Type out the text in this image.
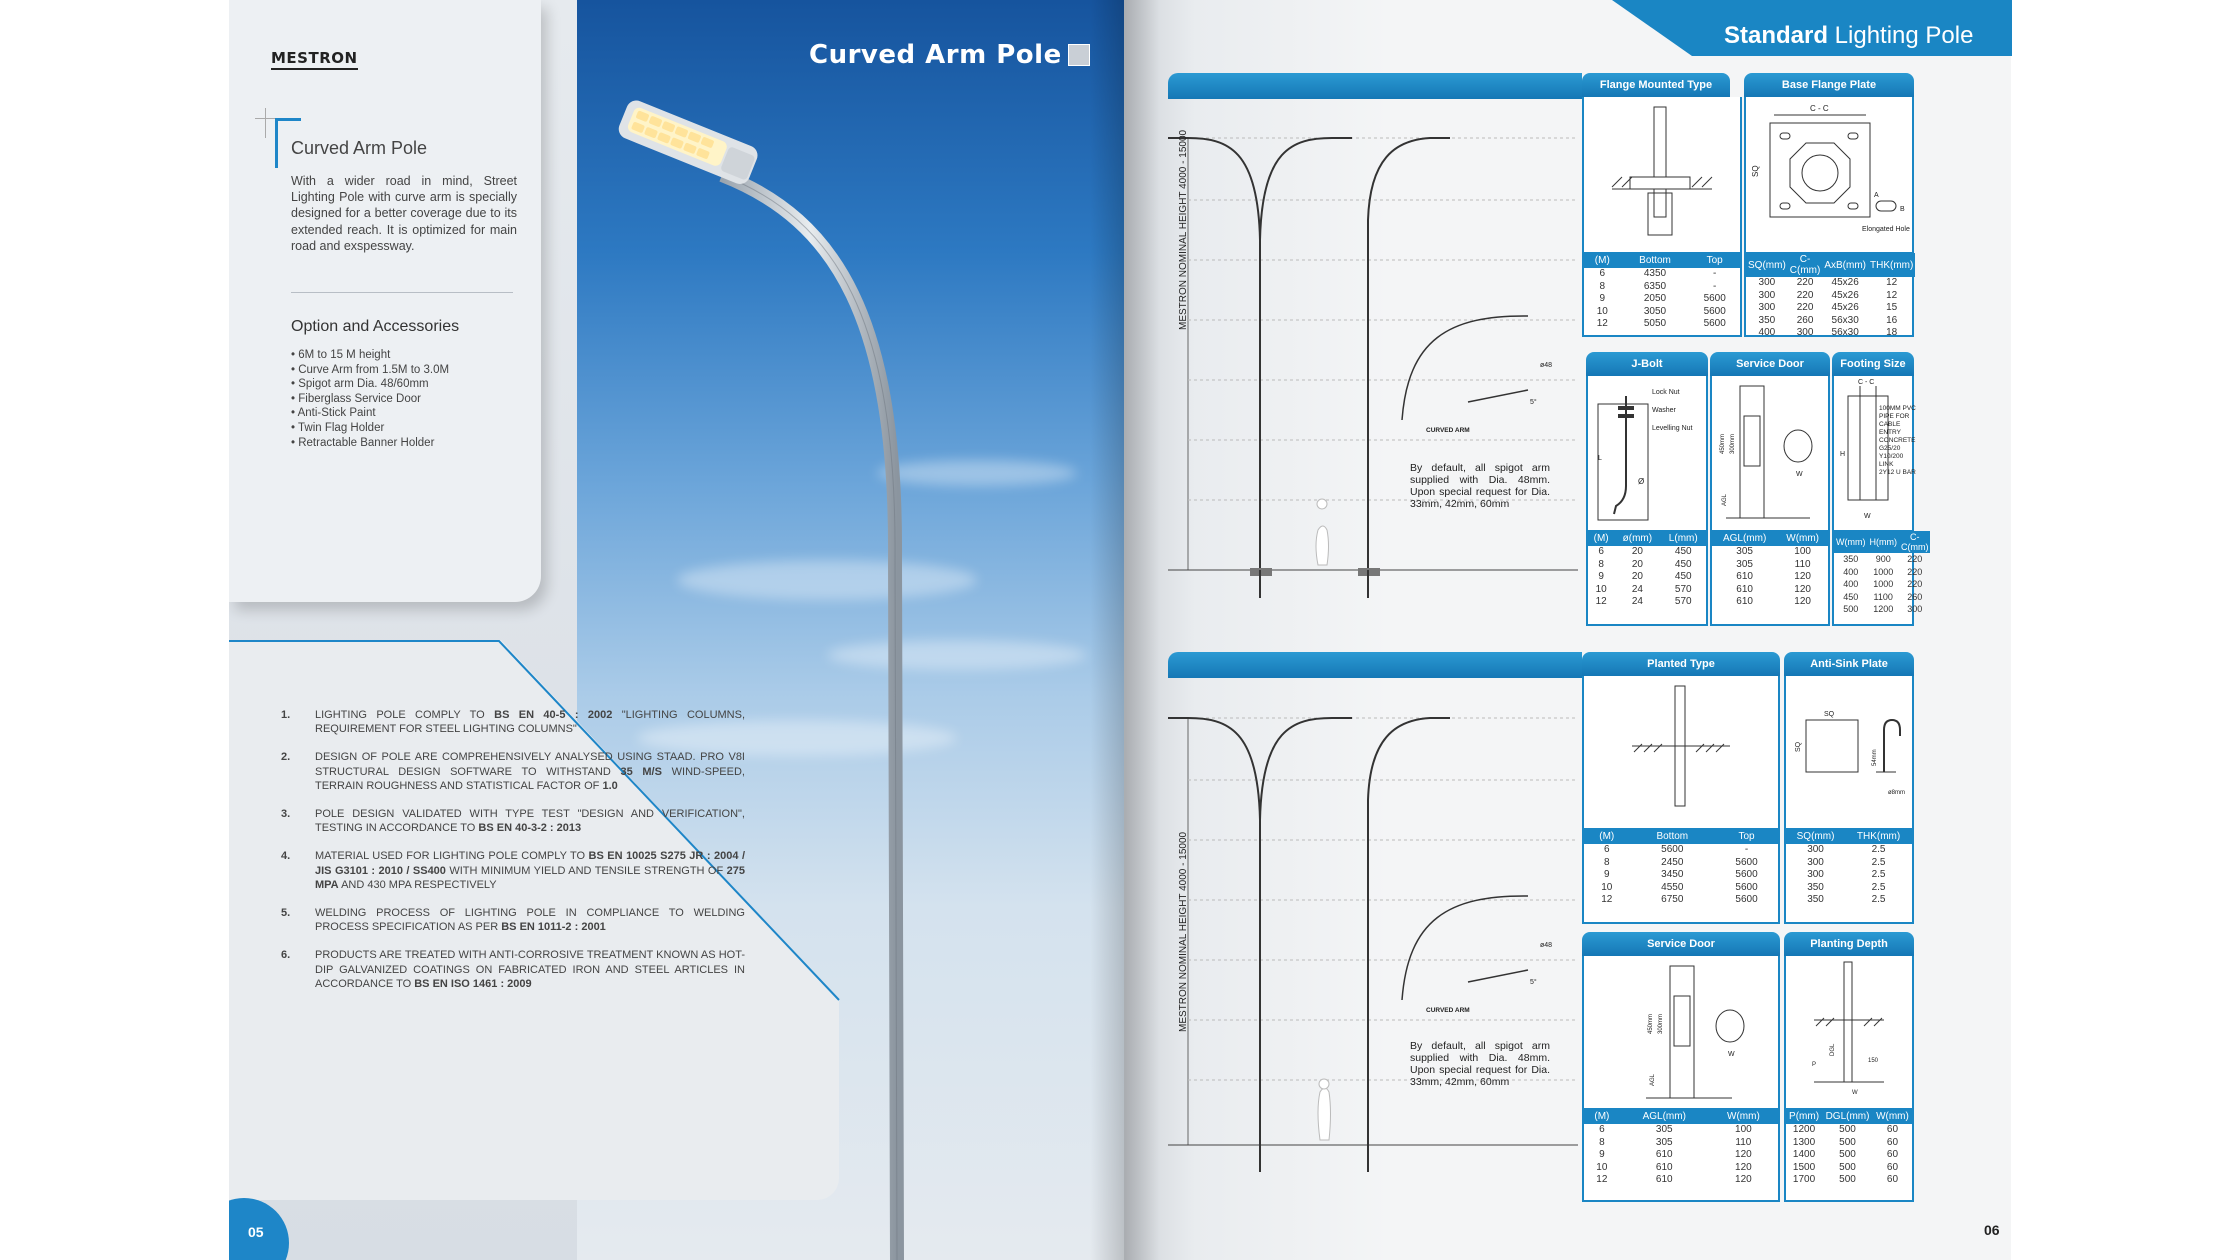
MESTRON
Curved Arm Pole
With a wider road in mind, Street Lighting Pole with curve arm is specially designed for a better coverage due to its extended reach. It is optimized for main road and exspessway.
Option and Accessories
• 6M to 15 M height
• Curve Arm from 1.5M to 3.0M
• Spigot arm Dia. 48/60mm
• Fiberglass Service Door
• Anti-Stick Paint
• Twin Flag Holder
• Retractable Banner Holder
1.	LIGHTING POLE COMPLY TO BS EN 40-5 : 2002 "LIGHTING COLUMNS, REQUIREMENT FOR STEEL LIGHTING COLUMNS"
2.	DESIGN OF POLE ARE COMPREHENSIVELY ANALYSED USING STAAD. PRO V8I STRUCTURAL DESIGN SOFTWARE TO WITHSTAND 35 M/S WIND-SPEED, TERRAIN ROUGHNESS AND STATISTICAL FACTOR OF 1.0
3.	POLE DESIGN VALIDATED WITH TYPE TEST "DESIGN AND VERIFICATION", TESTING IN ACCORDANCE TO BS EN 40-3-2 : 2013
4.	MATERIAL USED FOR LIGHTING POLE COMPLY TO BS EN 10025 S275 JR : 2004 / JIS G3101 : 2010 / SS400 WITH MINIMUM YIELD AND TENSILE STRENGTH OF 275 MPA AND 430 MPA RESPECTIVELY
5.	WELDING PROCESS OF LIGHTING POLE IN COMPLIANCE TO WELDING PROCESS SPECIFICATION AS PER BS EN 1011-2 : 2001
6.	PRODUCTS ARE TREATED WITH ANTI-CORROSIVE TREATMENT KNOWN AS HOT-DIP GALVANIZED COATINGS ON FABRICATED IRON AND STEEL ARTICLES IN ACCORDANCE TO BS EN ISO 1461 : 2009
Curved Arm Pole
05
Standard Lighting Pole
Flange Mounted Type	Base Flange Plate
CURVED ARM
ø48
5°
MESTRON NOMINAL HEIGHT 4000 - 15000
By default, all spigot arm supplied with Dia. 48mm. Upon special request for Dia. 33mm, 42mm, 60mm
C - C
SQ
A
B
Elongated Hole
(M)	Bottom	Top
6	4350	-
8	6350	-
9	2050	5600
10	3050	5600
12	5050	5600
SQ(mm)	C-C(mm)	AxB(mm)	THK(mm)
300	220	45x26	12
300	220	45x26	12
300	220	45x26	15
350	260	56x30	16
400	300	56x30	18
J-Bolt	Service Door	Footing Size
Lock Nut
Washer
Levelling Nut
L
Ø
450mm 300mm
AGL
W
C - C
H
W
100MM PVC PIPE FOR CABLE ENTRY
CONCRETE G25/20
Y10/200 LINK
2Y12 U BAR
(M)	ø(mm)	L(mm)
6	20	450
8	20	450
9	20	450
10	24	570
12	24	570
AGL(mm)	W(mm)
305	100
305	110
610	120
610	120
610	120
W(mm)	H(mm)	C-C(mm)
350	900	220
400	1000	220
400	1000	220
450	1100	260
500	1200	300
Planted Type	Anti-Sink Plate
CURVED ARM
ø48
5°
MESTRON NOMINAL HEIGHT 4000 - 15000
By default, all spigot arm supplied with Dia. 48mm. Upon special request for Dia. 33mm, 42mm, 60mm
SQ
SQ
54mm
ø8mm
(M)	Bottom	Top
6	5600	-
8	2450	5600
9	3450	5600
10	4550	5600
12	6750	5600
SQ(mm)	THK(mm)
300	2.5
300	2.5
300	2.5
350	2.5
350	2.5
Service Door	Planting Depth
450mm 300mm
AGL
W
P
DGL
150
W
(M)	AGL(mm)	W(mm)
6	305	100
8	305	110
9	610	120
10	610	120
12	610	120
P(mm)	DGL(mm)	W(mm)
1200	500	60
1300	500	60
1400	500	60
1500	500	60
1700	500	60
06
